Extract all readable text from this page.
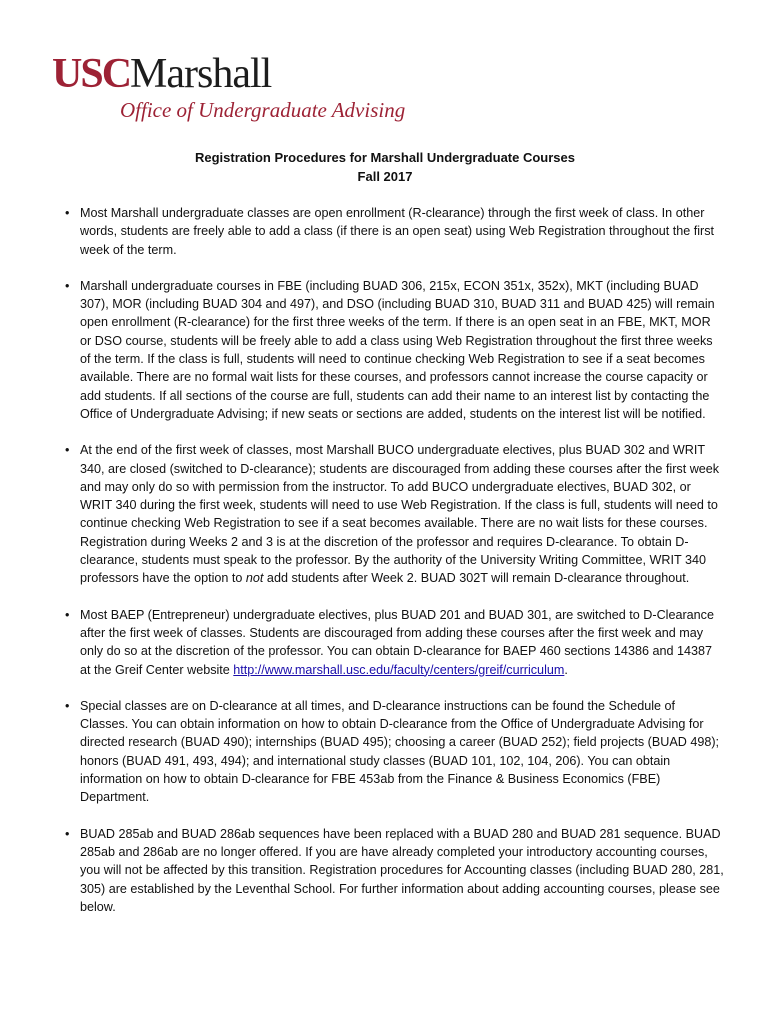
USCMarshall
Office of Undergraduate Advising
Registration Procedures for Marshall Undergraduate Courses
Fall 2017
• Most Marshall undergraduate classes are open enrollment (R-clearance) through the first week of class. In other words, students are freely able to add a class (if there is an open seat) using Web Registration throughout the first week of the term.
• Marshall undergraduate courses in FBE (including BUAD 306, 215x, ECON 351x, 352x), MKT (including BUAD 307), MOR (including BUAD 304 and 497), and DSO (including BUAD 310, BUAD 311 and BUAD 425) will remain open enrollment (R-clearance) for the first three weeks of the term. If there is an open seat in an FBE, MKT, MOR or DSO course, students will be freely able to add a class using Web Registration throughout the first three weeks of the term. If the class is full, students will need to continue checking Web Registration to see if a seat becomes available. There are no formal wait lists for these courses, and professors cannot increase the course capacity or add students. If all sections of the course are full, students can add their name to an interest list by contacting the Office of Undergraduate Advising; if new seats or sections are added, students on the interest list will be notified.
• At the end of the first week of classes, most Marshall BUCO undergraduate electives, plus BUAD 302 and WRIT 340, are closed (switched to D-clearance); students are discouraged from adding these courses after the first week and may only do so with permission from the instructor. To add BUCO undergraduate electives, BUAD 302, or WRIT 340 during the first week, students will need to use Web Registration. If the class is full, students will need to continue checking Web Registration to see if a seat becomes available. There are no wait lists for these courses. Registration during Weeks 2 and 3 is at the discretion of the professor and requires D-clearance. To obtain D-clearance, students must speak to the professor. By the authority of the University Writing Committee, WRIT 340 professors have the option to not add students after Week 2. BUAD 302T will remain D-clearance throughout.
• Most BAEP (Entrepreneur) undergraduate electives, plus BUAD 201 and BUAD 301, are switched to D-Clearance after the first week of classes. Students are discouraged from adding these courses after the first week and may only do so at the discretion of the professor. You can obtain D-clearance for BAEP 460 sections 14386 and 14387 at the Greif Center website http://www.marshall.usc.edu/faculty/centers/greif/curriculum.
• Special classes are on D-clearance at all times, and D-clearance instructions can be found the Schedule of Classes. You can obtain information on how to obtain D-clearance from the Office of Undergraduate Advising for directed research (BUAD 490); internships (BUAD 495); choosing a career (BUAD 252); field projects (BUAD 498); honors (BUAD 491, 493, 494); and international study classes (BUAD 101, 102, 104, 206). You can obtain information on how to obtain D-clearance for FBE 453ab from the Finance & Business Economics (FBE) Department.
• BUAD 285ab and BUAD 286ab sequences have been replaced with a BUAD 280 and BUAD 281 sequence. BUAD 285ab and 286ab are no longer offered. If you are have already completed your introductory accounting courses, you will not be affected by this transition. Registration procedures for Accounting classes (including BUAD 280, 281, 305) are established by the Leventhal School. For further information about adding accounting courses, please see below.
